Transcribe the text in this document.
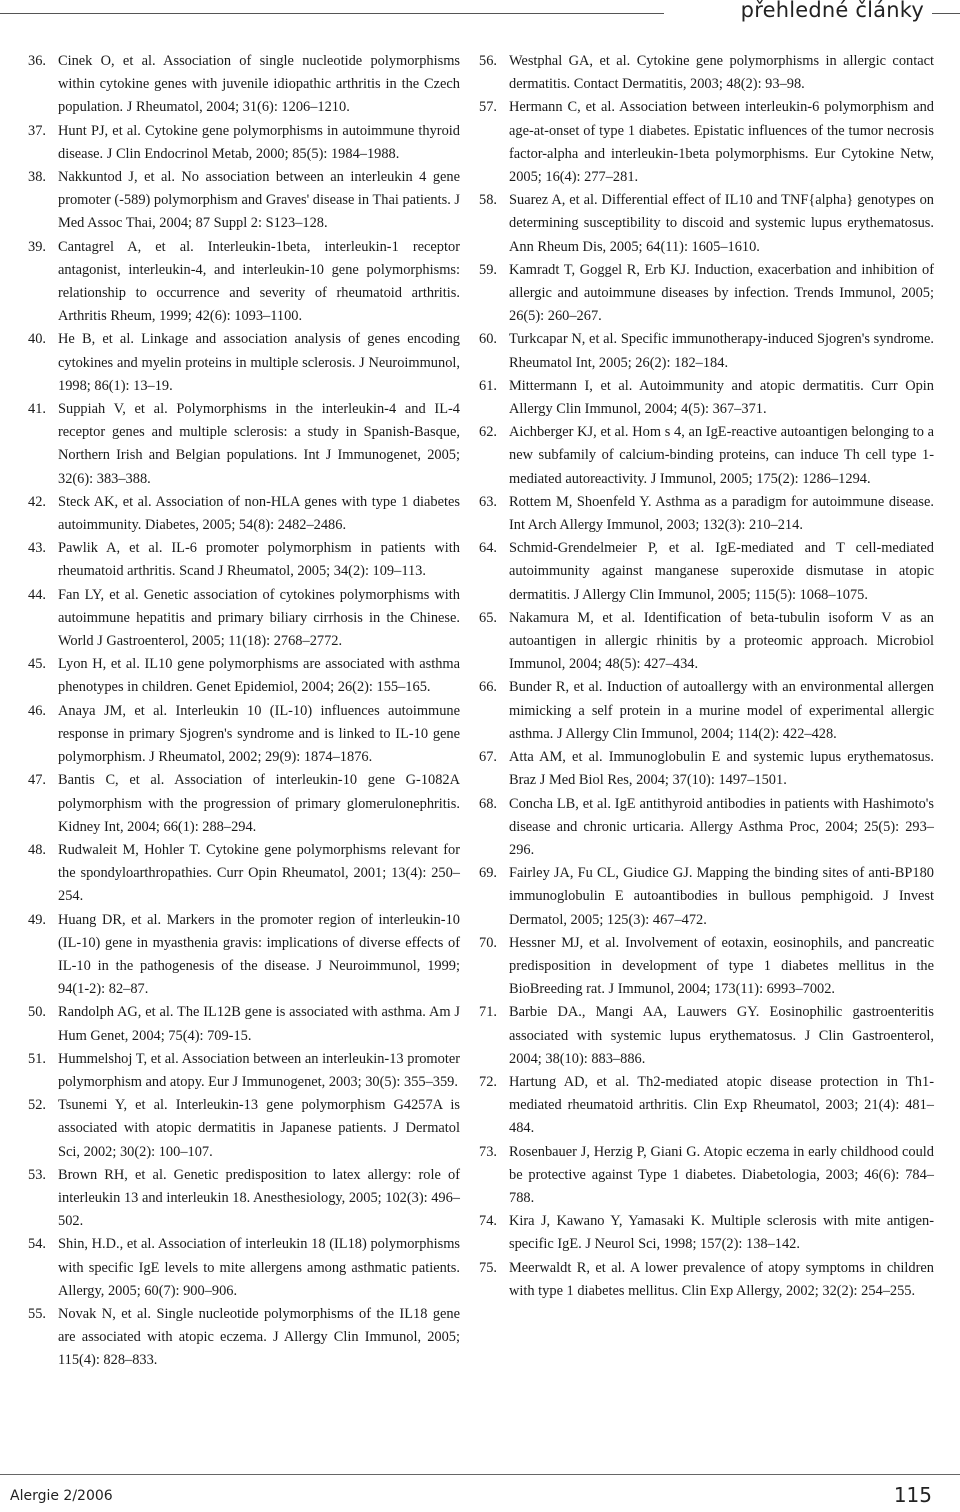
přehledné články

36. Cinek O, et al. Association of single nucleotide polymorphisms within cytokine genes with juvenile idiopathic arthritis in the Czech population. J Rheumatol, 2004; 31(6): 1206–1210.

37. Hunt PJ, et al. Cytokine gene polymorphisms in autoimmune thyroid disease. J Clin Endocrinol Metab, 2000; 85(5): 1984–1988.

38. Nakkuntod J, et al. No association between an interleukin 4 gene promoter (-589) polymorphism and Graves' disease in Thai patients. J Med Assoc Thai, 2004; 87 Suppl 2: S123–128.

39. Cantagrel A, et al. Interleukin-1beta, interleukin-1 receptor antagonist, interleukin-4, and interleukin-10 gene polymorphisms: relationship to occurrence and severity of rheumatoid arthritis. Arthritis Rheum, 1999; 42(6): 1093–1100.

40. He B, et al. Linkage and association analysis of genes encoding cytokines and myelin proteins in multiple sclerosis. J Neuroimmunol, 1998; 86(1): 13–19.

41. Suppiah V, et al. Polymorphisms in the interleukin-4 and IL-4 receptor genes and multiple sclerosis: a study in Spanish-Basque, Northern Irish and Belgian populations. Int J Immunogenet, 2005; 32(6): 383–388.

42. Steck AK, et al. Association of non-HLA genes with type 1 diabetes autoimmunity. Diabetes, 2005; 54(8): 2482–2486.

43. Pawlik A, et al. IL-6 promoter polymorphism in patients with rheumatoid arthritis. Scand J Rheumatol, 2005; 34(2): 109–113.

44. Fan LY, et al. Genetic association of cytokines polymorphisms with autoimmune hepatitis and primary biliary cirrhosis in the Chinese. World J Gastroenterol, 2005; 11(18): 2768–2772.

45. Lyon H, et al. IL10 gene polymorphisms are associated with asthma phenotypes in children. Genet Epidemiol, 2004; 26(2): 155–165.

46. Anaya JM, et al. Interleukin 10 (IL-10) influences autoimmune response in primary Sjogren's syndrome and is linked to IL-10 gene polymorphism. J Rheumatol, 2002; 29(9): 1874–1876.

47. Bantis C, et al. Association of interleukin-10 gene G-1082A polymorphism with the progression of primary glomerulonephritis. Kidney Int, 2004; 66(1): 288–294.

48. Rudwaleit M, Hohler T. Cytokine gene polymorphisms relevant for the spondyloarthropathies. Curr Opin Rheumatol, 2001; 13(4): 250–254.

49. Huang DR, et al. Markers in the promoter region of interleukin-10 (IL-10) gene in myasthenia gravis: implications of diverse effects of IL-10 in the pathogenesis of the disease. J Neuroimmunol, 1999; 94(1-2): 82–87.

50. Randolph AG, et al. The IL12B gene is associated with asthma. Am J Hum Genet, 2004; 75(4): 709-15.

51. Hummelshoj T, et al. Association between an interleukin-13 promoter polymorphism and atopy. Eur J Immunogenet, 2003; 30(5): 355–359.

52. Tsunemi Y, et al. Interleukin-13 gene polymorphism G4257A is associated with atopic dermatitis in Japanese patients. J Dermatol Sci, 2002; 30(2): 100–107.

53. Brown RH, et al. Genetic predisposition to latex allergy: role of interleukin 13 and interleukin 18. Anesthesiology, 2005; 102(3): 496–502.

54. Shin, H.D., et al. Association of interleukin 18 (IL18) polymorphisms with specific IgE levels to mite allergens among asthmatic patients. Allergy, 2005; 60(7): 900–906.

55. Novak N, et al. Single nucleotide polymorphisms of the IL18 gene are associated with atopic eczema. J Allergy Clin Immunol, 2005; 115(4): 828–833.

56. Westphal GA, et al. Cytokine gene polymorphisms in allergic contact dermatitis. Contact Dermatitis, 2003; 48(2): 93–98.

57. Hermann C, et al. Association between interleukin-6 polymorphism and age-at-onset of type 1 diabetes. Epistatic influences of the tumor necrosis factor-alpha and interleukin-1beta polymorphisms. Eur Cytokine Netw, 2005; 16(4): 277–281.

58. Suarez A, et al. Differential effect of IL10 and TNF{alpha} genotypes on determining susceptibility to discoid and systemic lupus erythematosus. Ann Rheum Dis, 2005; 64(11): 1605–1610.

59. Kamradt T, Goggel R, Erb KJ. Induction, exacerbation and inhibition of allergic and autoimmune diseases by infection. Trends Immunol, 2005; 26(5): 260–267.

60. Turkcapar N, et al. Specific immunotherapy-induced Sjogren's syndrome. Rheumatol Int, 2005; 26(2): 182–184.

61. Mittermann I, et al. Autoimmunity and atopic dermatitis. Curr Opin Allergy Clin Immunol, 2004; 4(5): 367–371.

62. Aichberger KJ, et al. Hom s 4, an IgE-reactive autoantigen belonging to a new subfamily of calcium-binding proteins, can induce Th cell type 1-mediated autoreactivity. J Immunol, 2005; 175(2): 1286–1294.

63. Rottem M, Shoenfeld Y. Asthma as a paradigm for autoimmune disease. Int Arch Allergy Immunol, 2003; 132(3): 210–214.

64. Schmid-Grendelmeier P, et al. IgE-mediated and T cell-mediated autoimmunity against manganese superoxide dismutase in atopic dermatitis. J Allergy Clin Immunol, 2005; 115(5): 1068–1075.

65. Nakamura M, et al. Identification of beta-tubulin isoform V as an autoantigen in allergic rhinitis by a proteomic approach. Microbiol Immunol, 2004; 48(5): 427–434.

66. Bunder R, et al. Induction of autoallergy with an environmental allergen mimicking a self protein in a murine model of experimental allergic asthma. J Allergy Clin Immunol, 2004; 114(2): 422–428.

67. Atta AM, et al. Immunoglobulin E and systemic lupus erythematosus. Braz J Med Biol Res, 2004; 37(10): 1497–1501.

68. Concha LB, et al. IgE antithyroid antibodies in patients with Hashimoto's disease and chronic urticaria. Allergy Asthma Proc, 2004; 25(5): 293–296.

69. Fairley JA, Fu CL, Giudice GJ. Mapping the binding sites of anti-BP180 immunoglobulin E autoantibodies in bullous pemphigoid. J Invest Dermatol, 2005; 125(3): 467–472.

70. Hessner MJ, et al. Involvement of eotaxin, eosinophils, and pancreatic predisposition in development of type 1 diabetes mellitus in the BioBreeding rat. J Immunol, 2004; 173(11): 6993–7002.

71. Barbie DA., Mangi AA, Lauwers GY. Eosinophilic gastroenteritis associated with systemic lupus erythematosus. J Clin Gastroenterol, 2004; 38(10): 883–886.

72. Hartung AD, et al. Th2-mediated atopic disease protection in Th1-mediated rheumatoid arthritis. Clin Exp Rheumatol, 2003; 21(4): 481–484.

73. Rosenbauer J, Herzig P, Giani G. Atopic eczema in early childhood could be protective against Type 1 diabetes. Diabetologia, 2003; 46(6): 784–788.

74. Kira J, Kawano Y, Yamasaki K. Multiple sclerosis with mite antigen-specific IgE. J Neurol Sci, 1998; 157(2): 138–142.

75. Meerwaldt R, et al. A lower prevalence of atopy symptoms in children with type 1 diabetes mellitus. Clin Exp Allergy, 2002; 32(2): 254–255.

Alergie 2/2006	115
